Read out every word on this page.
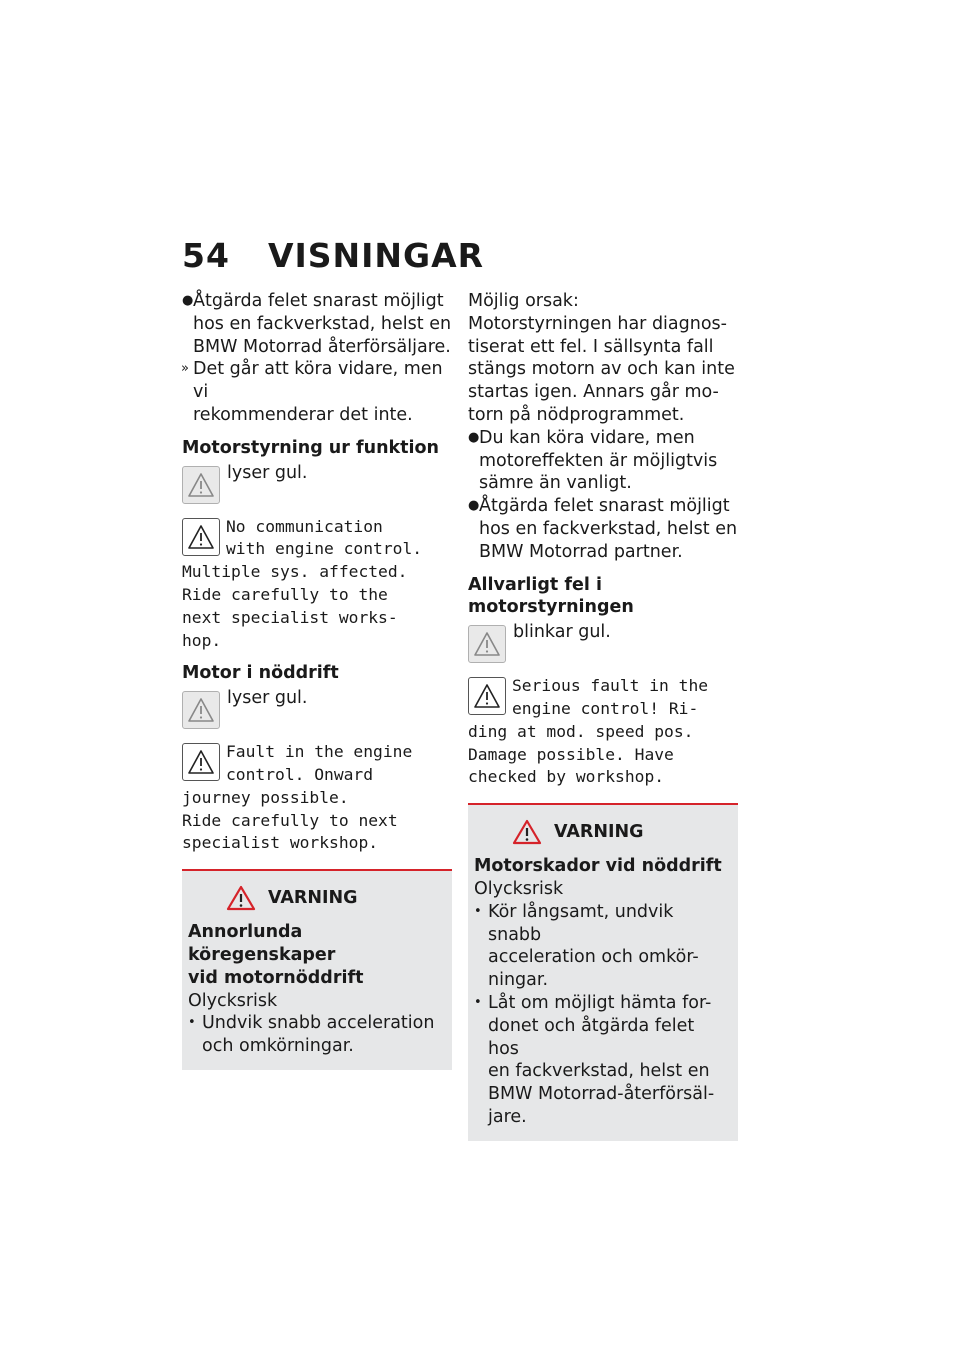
54 VISNINGAR
● Åtgärda felet snarast möjligt
hos en fackverkstad, helst en
BMW Motorrad återförsäljare.
» Det går att köra vidare, men vi
rekommenderar det inte.
Motorstyrning ur funktion
lyser gul.
No communication
with engine control.
Multiple sys. affected.
Ride carefully to the
next specialist works-
hop.
Motor i nöddrift
lyser gul.
Fault in the engine
control. Onward
journey possible.
Ride carefully to next
specialist workshop.
VARNING
Annorlunda köregenskaper
vid motornöddrift
Olycksrisk
• Undvik snabb acceleration
och omkörningar.
Möjlig orsak:
Motorstyrningen har diagnos-
tiserat ett fel. I sällsynta fall
stängs motorn av och kan inte
startas igen. Annars går mo-
torn på nödprogrammet.
● Du kan köra vidare, men
motoreffekten är möjligtvis
sämre än vanligt.
● Åtgärda felet snarast möjligt
hos en fackverkstad, helst en
BMW Motorrad partner.
Allvarligt fel i motorstyrningen
blinkar gul.
Serious fault in the
engine control! Ri-
ding at mod. speed pos.
Damage possible. Have
checked by workshop.
VARNING
Motorskador vid nöddrift
Olycksrisk
• Kör långsamt, undvik snabb
acceleration och omkör-
ningar.
• Låt om möjligt hämta for-
donet och åtgärda felet hos
en fackverkstad, helst en
BMW Motorrad-återförsäl-
jare.
